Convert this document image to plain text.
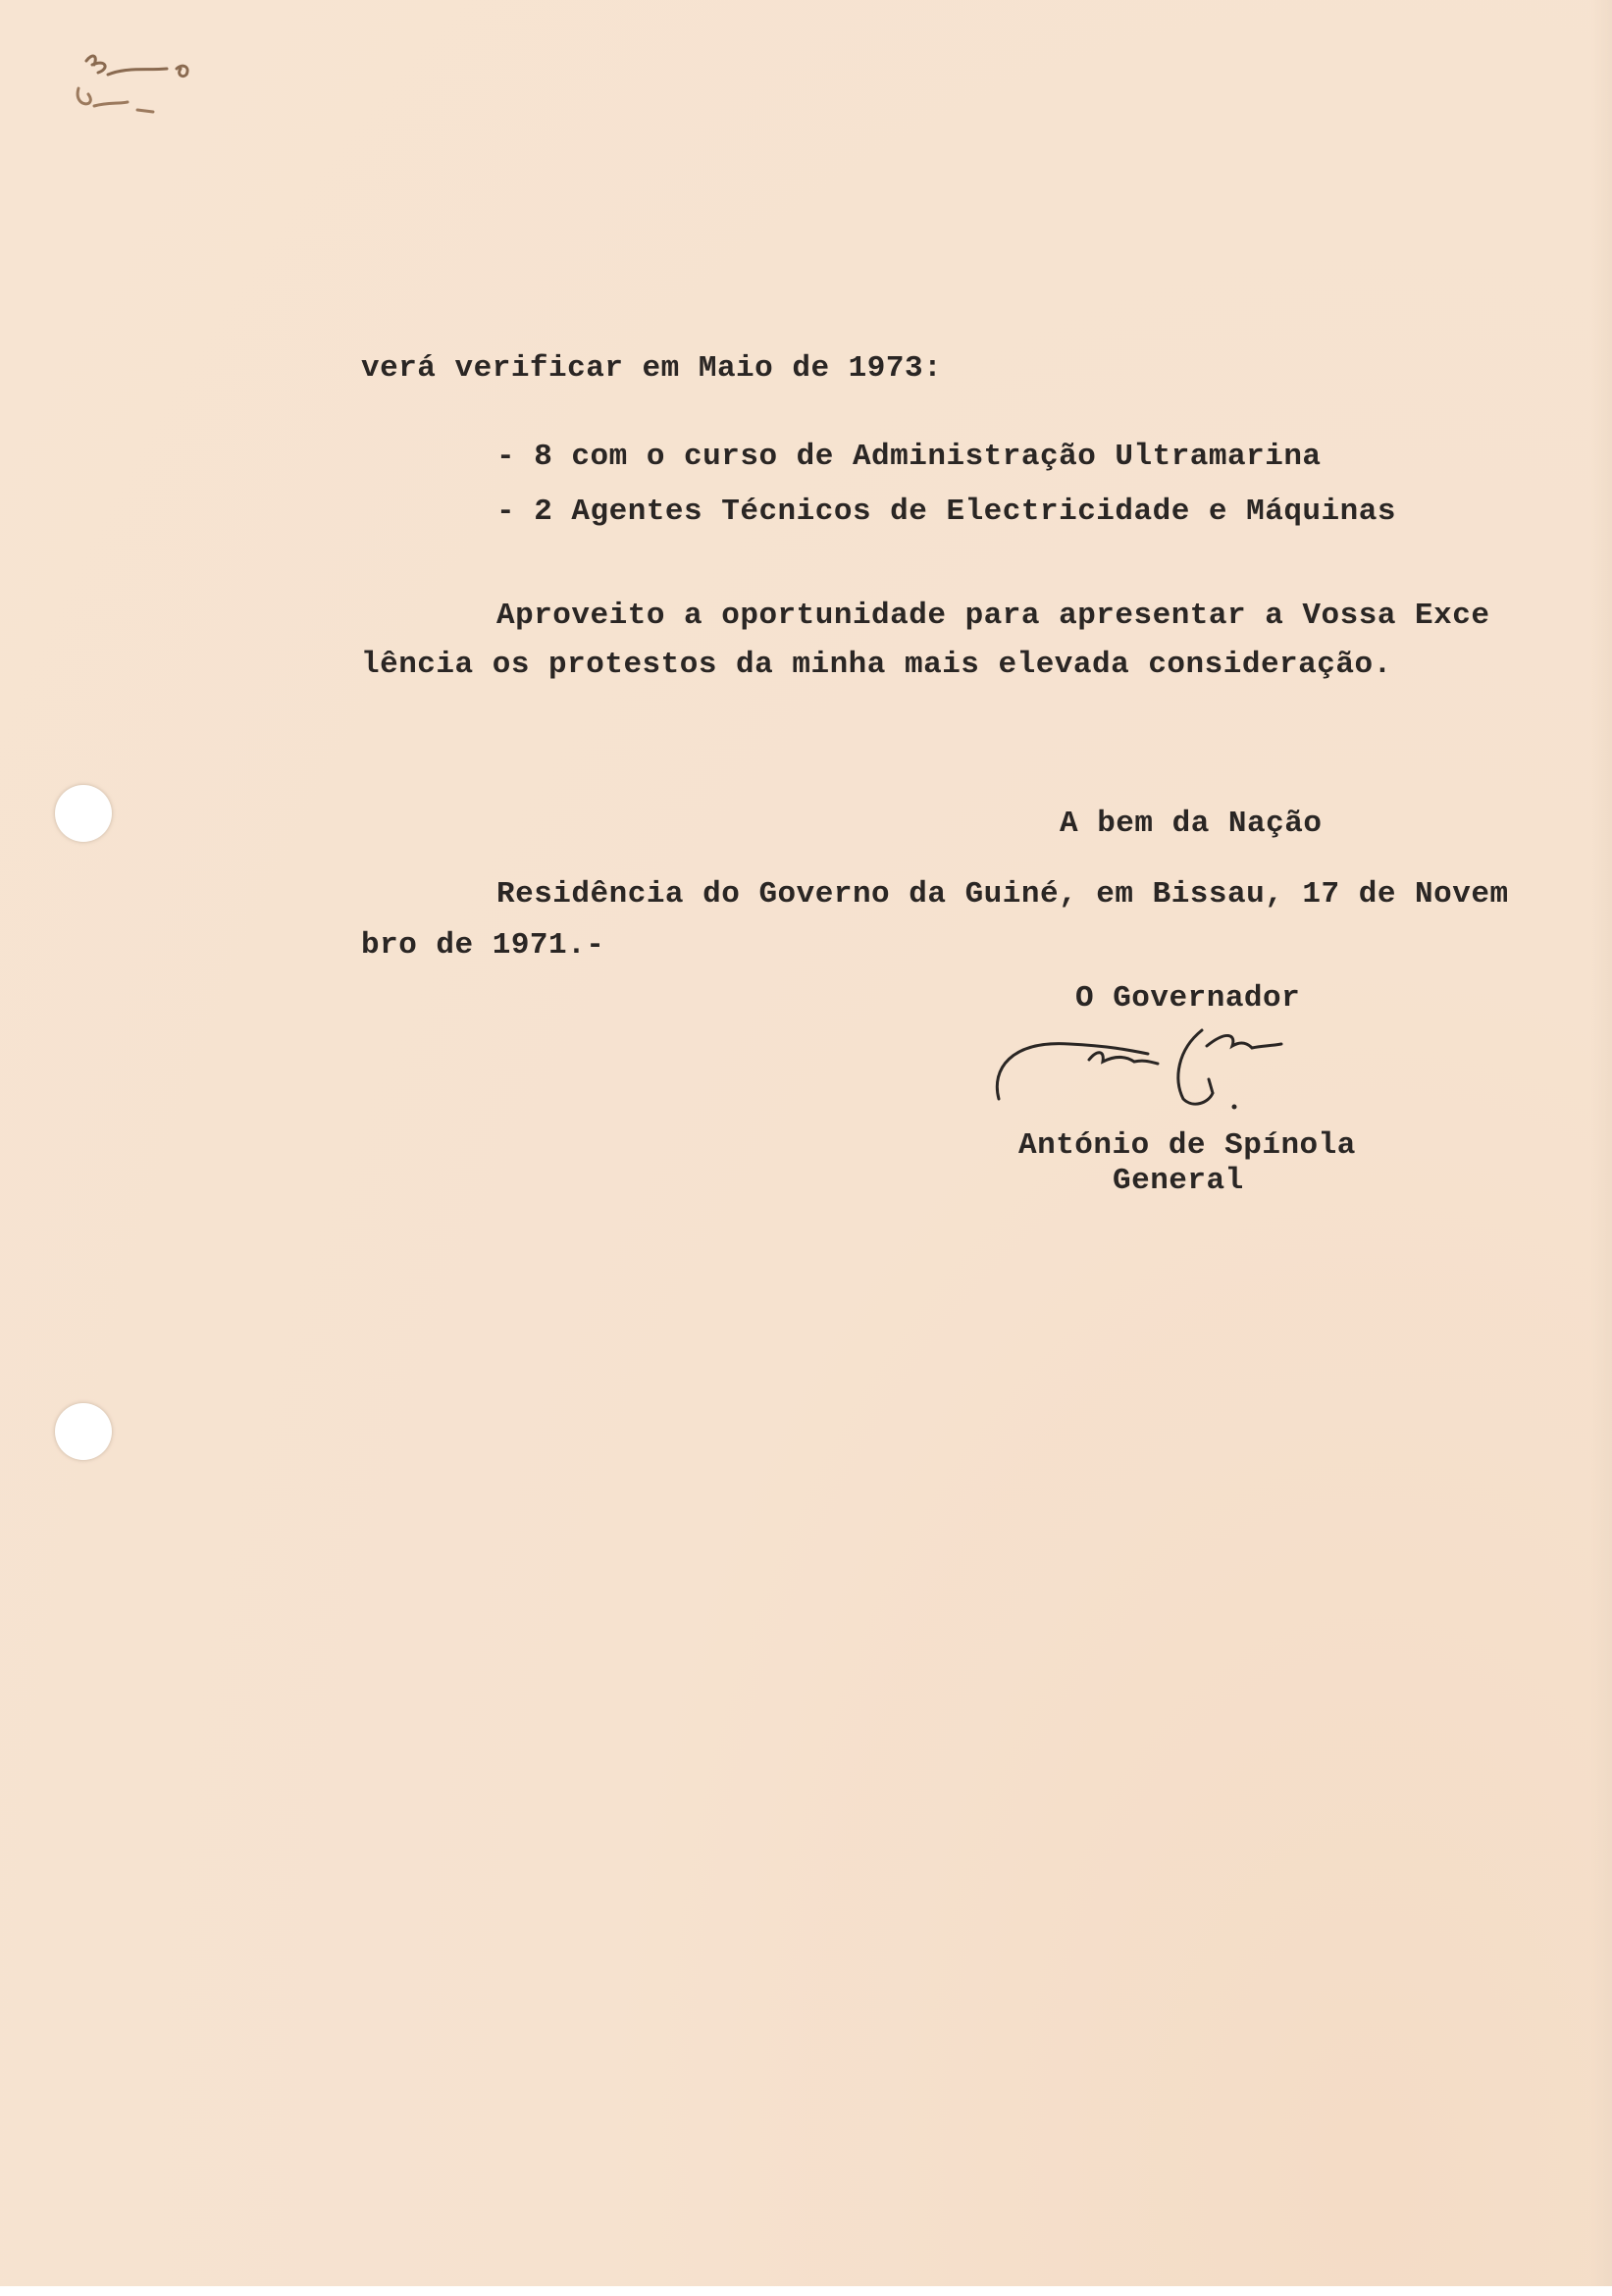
verá verificar em Maio de 1973:
- 8 com o curso de Administração Ultramarina
- 2 Agentes Técnicos de Electricidade e Máquinas
Aproveito a oportunidade para apresentar a Vossa Exce
lência os protestos da minha mais elevada consideração.
A bem da Nação
Residência do Governo da Guiné, em Bissau, 17 de Novem
bro de 1971.-
O Governador
António de Spínola
General
